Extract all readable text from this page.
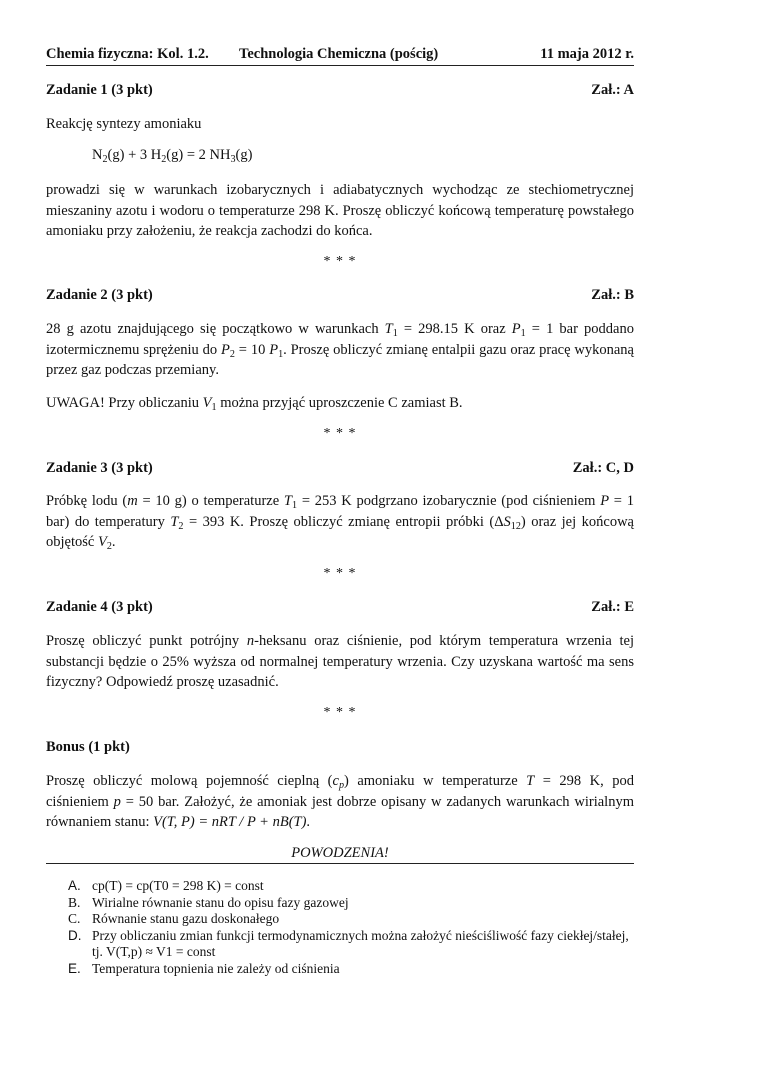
Chemia fizyczna: Kol. 1.2. Technologia Chemiczna (pościg)	11 maja 2012 r.
Zadanie 1 (3 pkt)	Zał.: A
Reakcję syntezy amoniaku
$N_2(g) + 3$ $H_2(g) = 2$ $NH_3(g)$
prowadzi się w warunkach izobarycznych i adiabatycznych wychodząc ze stechiometrycznej mieszaniny azotu i wodoru o temperaturze 298 K. Proszę obliczyć końcową temperaturę powstałego amoniaku przy założeniu, że reakcja zachodzi do końca.
* * *
Zadanie 2 (3 pkt)	Zał.: B
28 g azotu znajdującego się początkowo w warunkach $T_1 = 298.15$ K oraz $P_1 = 1$ bar poddano izotermicznemu sprężeniu do $P_2 = 10$ $P_1$. Proszę obliczyć zmianę entalpii gazu oraz pracę wykonaną przez gaz podczas przemiany.
UWAGA! Przy obliczaniu $V_1$ można przyjąć uproszczenie C zamiast B.
* * *
Zadanie 3 (3 pkt)	Zał.: C, D
Próbkę lodu (m = 10 g) o temperaturze $T_1 = 253$ K podgrzano izobarycznie (pod ciśnieniem P = 1 bar) do temperatury $T_2 = 393$ K. Proszę obliczyć zmianę entropii próbki $(\Delta S_{12})$ oraz jej końcową objętość $V_2$.
* * *
Zadanie 4 (3 pkt)	Zał.: E
Proszę obliczyć punkt potrójny n-heksanu oraz ciśnienie, pod którym temperatura wrzenia tej substancji będzie o 25% wyższa od normalnej temperatury wrzenia. Czy uzyskana wartość ma sens fizyczny? Odpowiedź proszę uzasadnić.
* * *
Bonus (1 pkt)
Proszę obliczyć molową pojemność cieplną $(c_p)$ amoniaku w temperaturze T = 298 K, pod ciśnieniem p = 50 bar. Założyć, że amoniak jest dobrze opisany w zadanych warunkach wirialnym równaniem stanu: V(T, P) = nRT / P + nB(T).
POWODZENIA!
A. cp(T) = cp(T0 = 298 K) = const
B. Wirialne równanie stanu do opisu fazy gazowej
C. Równanie stanu gazu doskonałego
D. Przy obliczaniu zmian funkcji termodynamicznych można założyć nieściśliwość fazy ciekłej/stałej, tj. V(T,p) ≈ V1 = const
E. Temperatura topnienia nie zależy od ciśnienia
